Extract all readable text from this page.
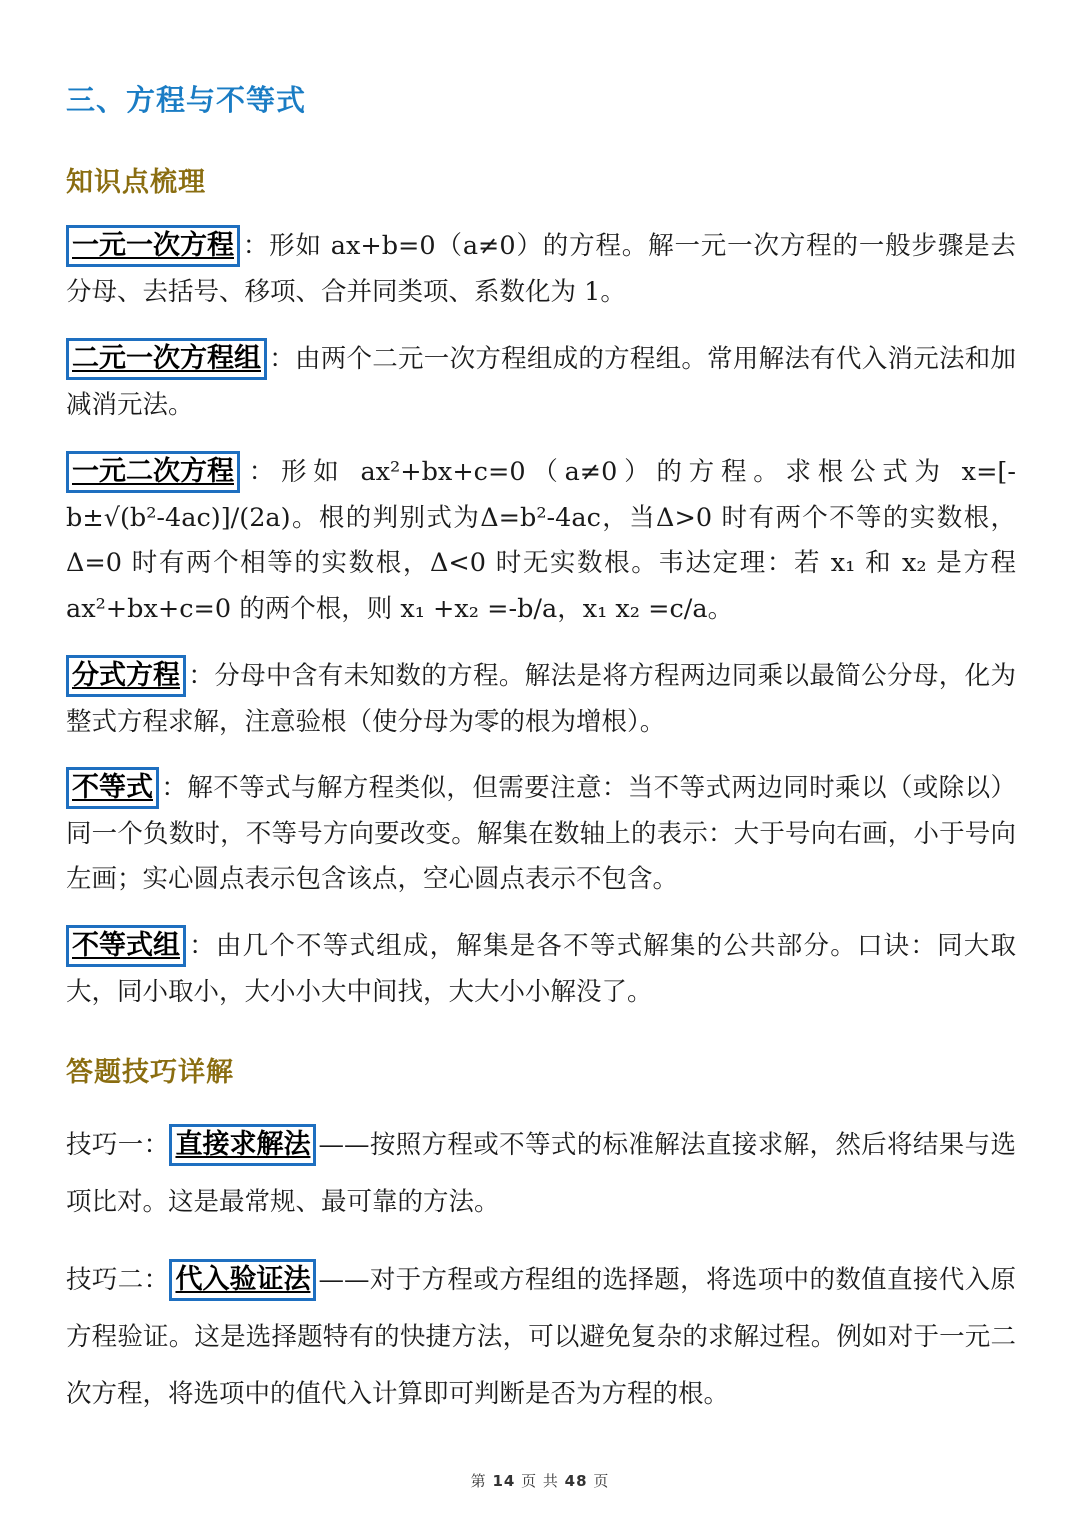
三、方程与不等式
知识点梳理
一元一次方程 ：形如 ax+b=0（a≠0）的方程。解一元一次方程的一般步骤是去分母、去括号、移项、合并同类项、系数化为 1。
二元一次方程组 ：由两个二元一次方程组成的方程组。常用解法有代入消元法和加减消元法。
一元二次方程 ：形如 ax²+bx+c=0（a≠0）的方程。求根公式为 x=[-b±√(b²-4ac)]/(2a)。根的判别式为Δ=b²-4ac，当Δ>0 时有两个不等的实数根，Δ=0 时有两个相等的实数根，Δ<0 时无实数根。韦达定理：若 x₁ 和 x₂ 是方程 ax²+bx+c=0 的两个根，则 x₁ +x₂ =-b/a，x₁ x₂ =c/a。
分式方程 ：分母中含有未知数的方程。解法是将方程两边同乘以最简公分母，化为整式方程求解，注意验根（使分母为零的根为增根）。
不等式 ：解不等式与解方程类似，但需要注意：当不等式两边同时乘以（或除以）同一个负数时，不等号方向要改变。解集在数轴上的表示：大于号向右画，小于号向左画；实心圆点表示包含该点，空心圆点表示不包含。
不等式组 ：由几个不等式组成，解集是各不等式解集的公共部分。口诀：同大取大，同小取小，大小小大中间找，大大小小解没了。
答题技巧详解
技巧一： 直接求解法 ——按照方程或不等式的标准解法直接求解，然后将结果与选项比对。这是最常规、最可靠的方法。
技巧二： 代入验证法 ——对于方程或方程组的选择题，将选项中的数值直接代入原方程验证。这是选择题特有的快捷方法，可以避免复杂的求解过程。例如对于一元二次方程，将选项中的值代入计算即可判断是否为方程的根。
第 14 页 共 48 页
